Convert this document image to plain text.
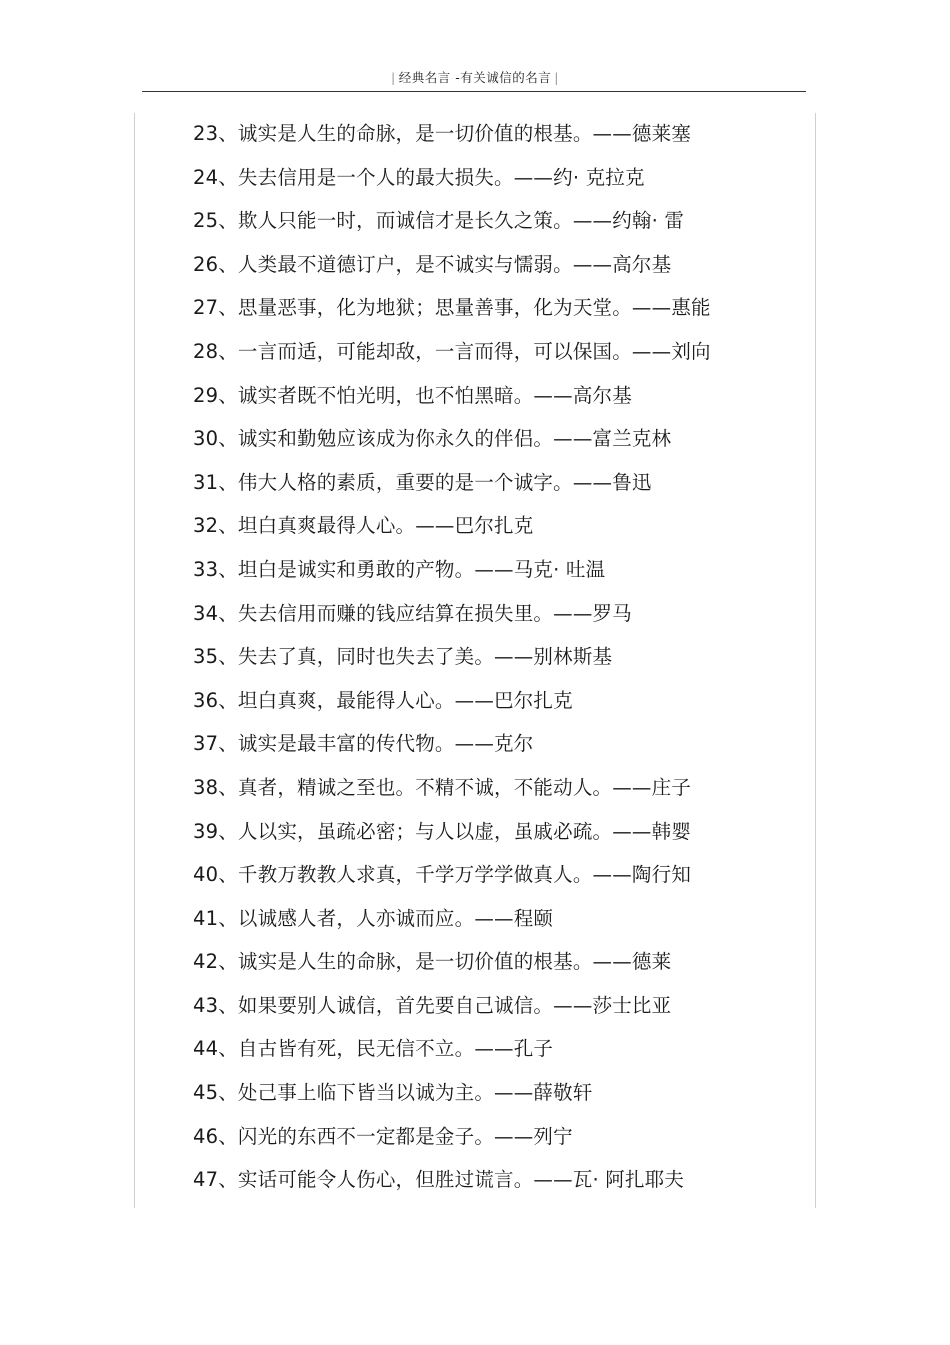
| 经典名言 -有关诚信的名言 |
23、诚实是人生的命脉，是一切价值的根基。——德莱塞
24、失去信用是一个人的最大损失。——约· 克拉克
25、欺人只能一时，而诚信才是长久之策。——约翰· 雷
26、人类最不道德订户，是不诚实与懦弱。——高尔基
27、思量恶事，化为地狱；思量善事，化为天堂。——惠能
28、一言而适，可能却敌，一言而得，可以保国。——刘向
29、诚实者既不怕光明，也不怕黑暗。——高尔基
30、诚实和勤勉应该成为你永久的伴侣。——富兰克林
31、伟大人格的素质，重要的是一个诚字。——鲁迅
32、坦白真爽最得人心。——巴尔扎克
33、坦白是诚实和勇敢的产物。——马克· 吐温
34、失去信用而赚的钱应结算在损失里。——罗马
35、失去了真，同时也失去了美。——别林斯基
36、坦白真爽，最能得人心。——巴尔扎克
37、诚实是最丰富的传代物。——克尔
38、真者，精诚之至也。不精不诚，不能动人。——庄子
39、人以实，虽疏必密；与人以虚，虽戚必疏。——韩婴
40、千教万教教人求真，千学万学学做真人。——陶行知
41、以诚感人者，人亦诚而应。——程颐
42、诚实是人生的命脉，是一切价值的根基。——德莱
43、如果要别人诚信，首先要自己诚信。——莎士比亚
44、自古皆有死，民无信不立。——孔子
45、处己事上临下皆当以诚为主。——薛敬轩
46、闪光的东西不一定都是金子。——列宁
47、实话可能令人伤心，但胜过谎言。——瓦· 阿扎耶夫
